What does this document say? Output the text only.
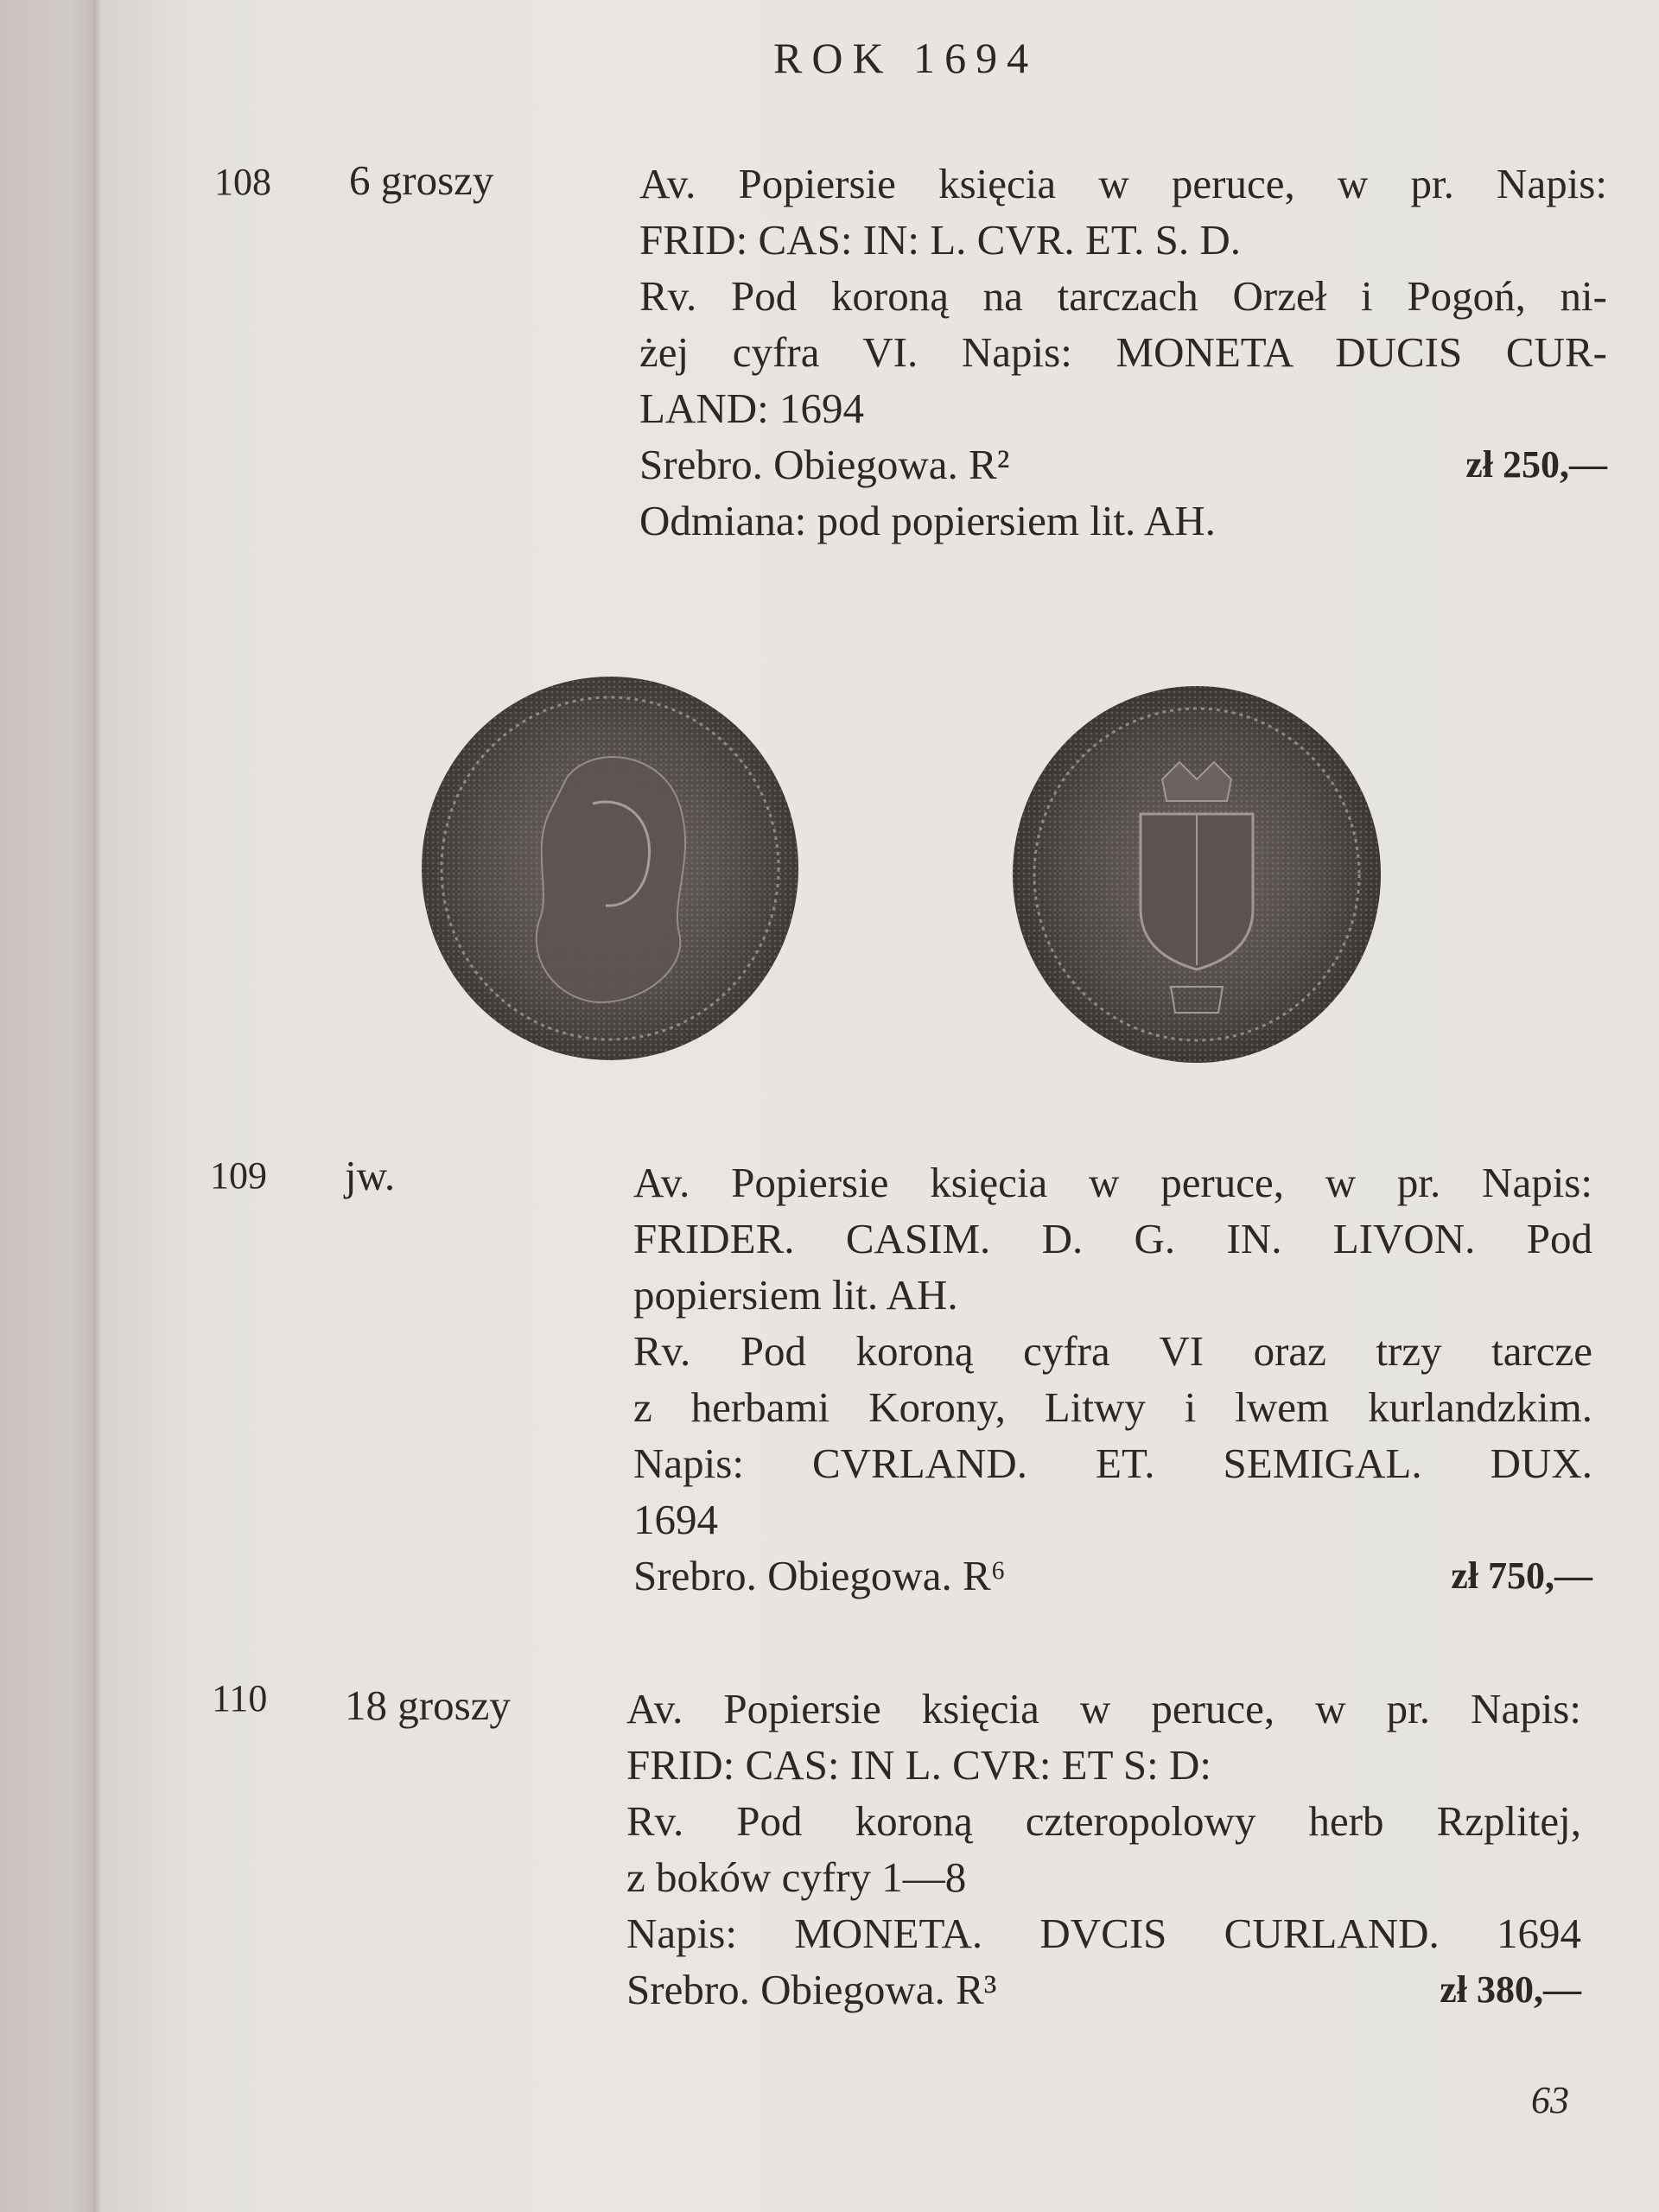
ROK 1694
108 6 groszy	Av. Popiersie księcia w peruce, w pr. Napis:
FRID: CAS: IN: L. CVR. ET. S. D.
Rv. Pod koroną na tarczach Orzeł i Pogoń, ni-
żej cyfra VI. Napis: MONETA DUCIS CUR-
LAND: 1694
Srebro. Obiegowa. R²	zł 250,—
Odmiana: pod popiersiem lit. AH.
109 jw.	Av. Popiersie księcia w peruce, w pr. Napis:
FRIDER. CASIM. D. G. IN. LIVON. Pod
popiersiem lit. AH.
Rv. Pod koroną cyfra VI oraz trzy tarcze
z herbami Korony, Litwy i lwem kurlandzkim.
Napis: CVRLAND. ET. SEMIGAL. DUX.
1694
Srebro. Obiegowa. R⁶	zł 750,—
110 18 groszy	Av. Popiersie księcia w peruce, w pr. Napis:
FRID: CAS: IN L. CVR: ET S: D:
Rv. Pod koroną czteropolowy herb Rzplitej,
z boków cyfry 1—8
Napis: MONETA. DVCIS CURLAND. 1694
Srebro. Obiegowa. R³	zł 380,—
63
